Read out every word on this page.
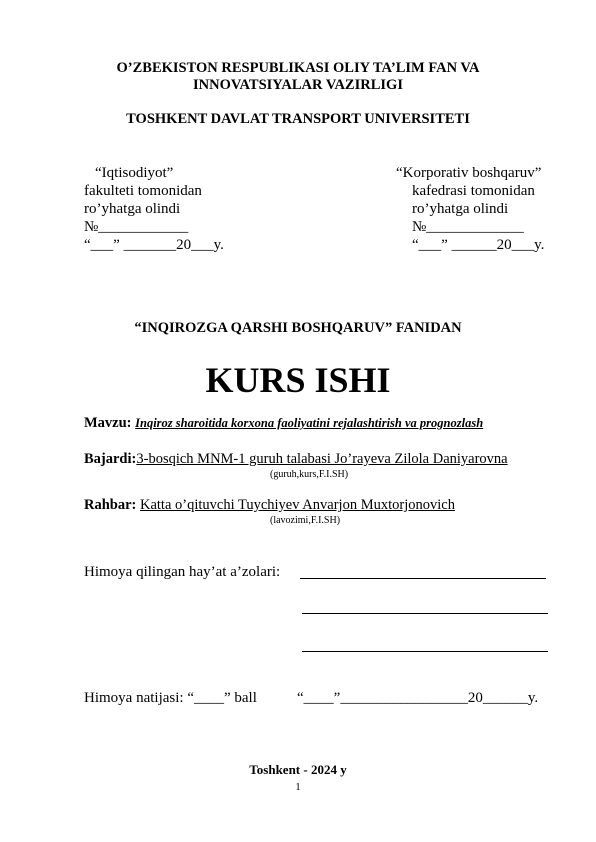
O’ZBEKISTON RESPUBLIKASI OLIY TA’LIM FAN VA
INNOVATSIYALAR VAZIRLIGI
TOSHKENT DAVLAT TRANSPORT UNIVERSITETI
“Iqtisodiyot”
fakulteti tomonidan
ro’yhatga olindi
№____________
“___” _______20___y.
“Korporativ boshqaruv”
kafedrasi tomonidan
ro’yhatga olindi
№_____________
“___” ______20___y.
“INQIROZGA QARSHI BOSHQARUV” FANIDAN
KURS ISHI
Mavzu: Inqiroz sharoitida korxona faoliyatini rejalashtirish va prognozlash
Bajardi:3-bosqich MNM-1 guruh talabasi Jo’rayeva Zilola Daniyarovna
(guruh,kurs,F.I.SH)
Rahbar: Katta o’qituvchi Tuychiyev Anvarjon Muxtorjonovich
(lavozimi,F.I.SH)
Himoya qilingan hay’at a’zolari:
Himoya natijasi: “____” ball	“____”_________________20______y.
Toshkent - 2024 y
1
